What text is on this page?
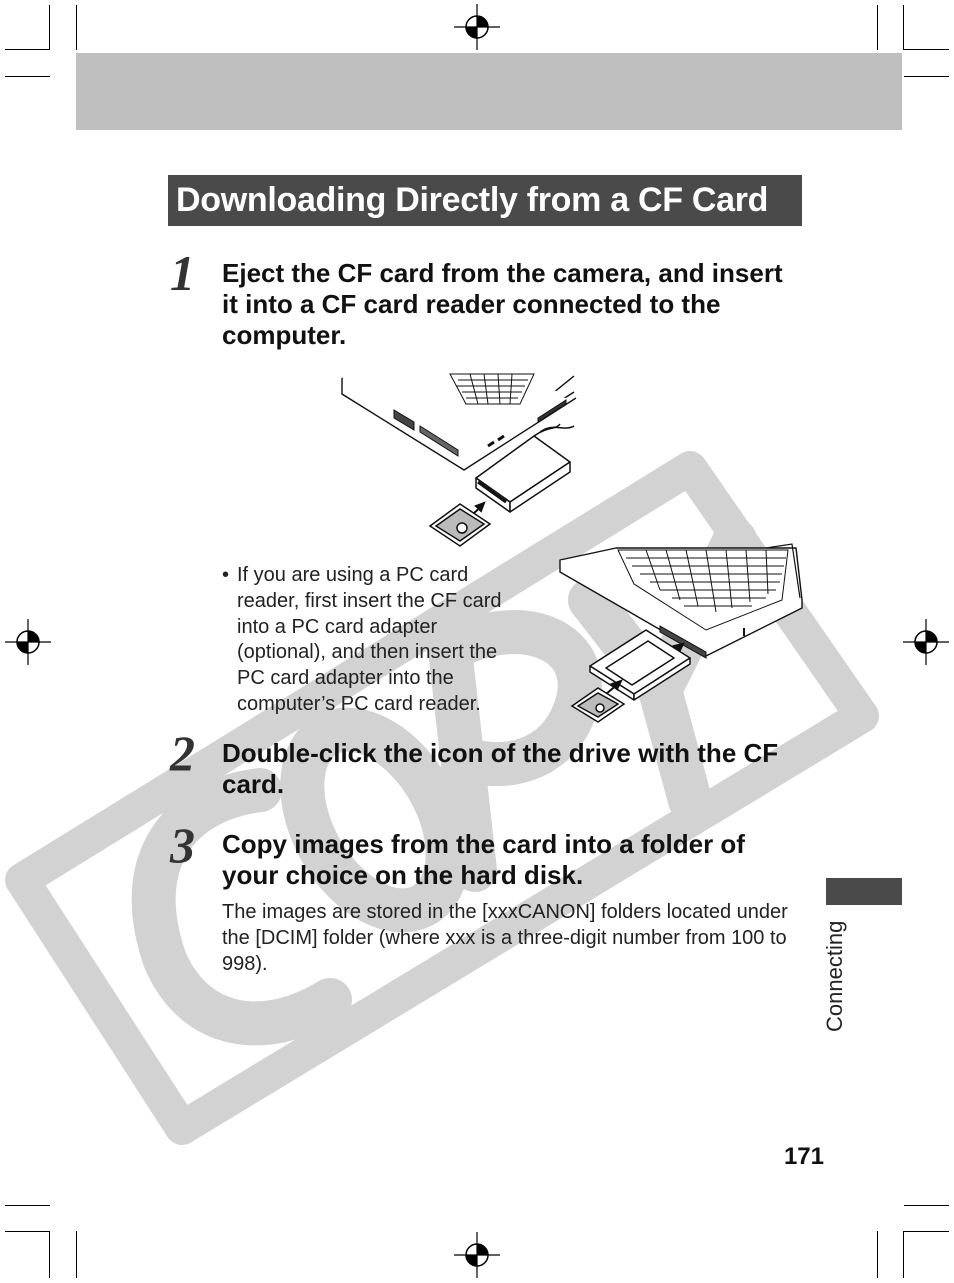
Downloading Directly from a CF Card
1 Eject the CF card from the camera, and insert it into a CF card reader connected to the computer.
• If you are using a PC card reader, first insert the CF card into a PC card adapter (optional), and then insert the PC card adapter into the computer’s PC card reader.
2 Double-click the icon of the drive with the CF card.
3 Copy images from the card into a folder of your choice on the hard disk.
The images are stored in the [xxxCANON] folders located under the [DCIM] folder (where xxx is a three-digit number from 100 to 998).	Connecting
171
